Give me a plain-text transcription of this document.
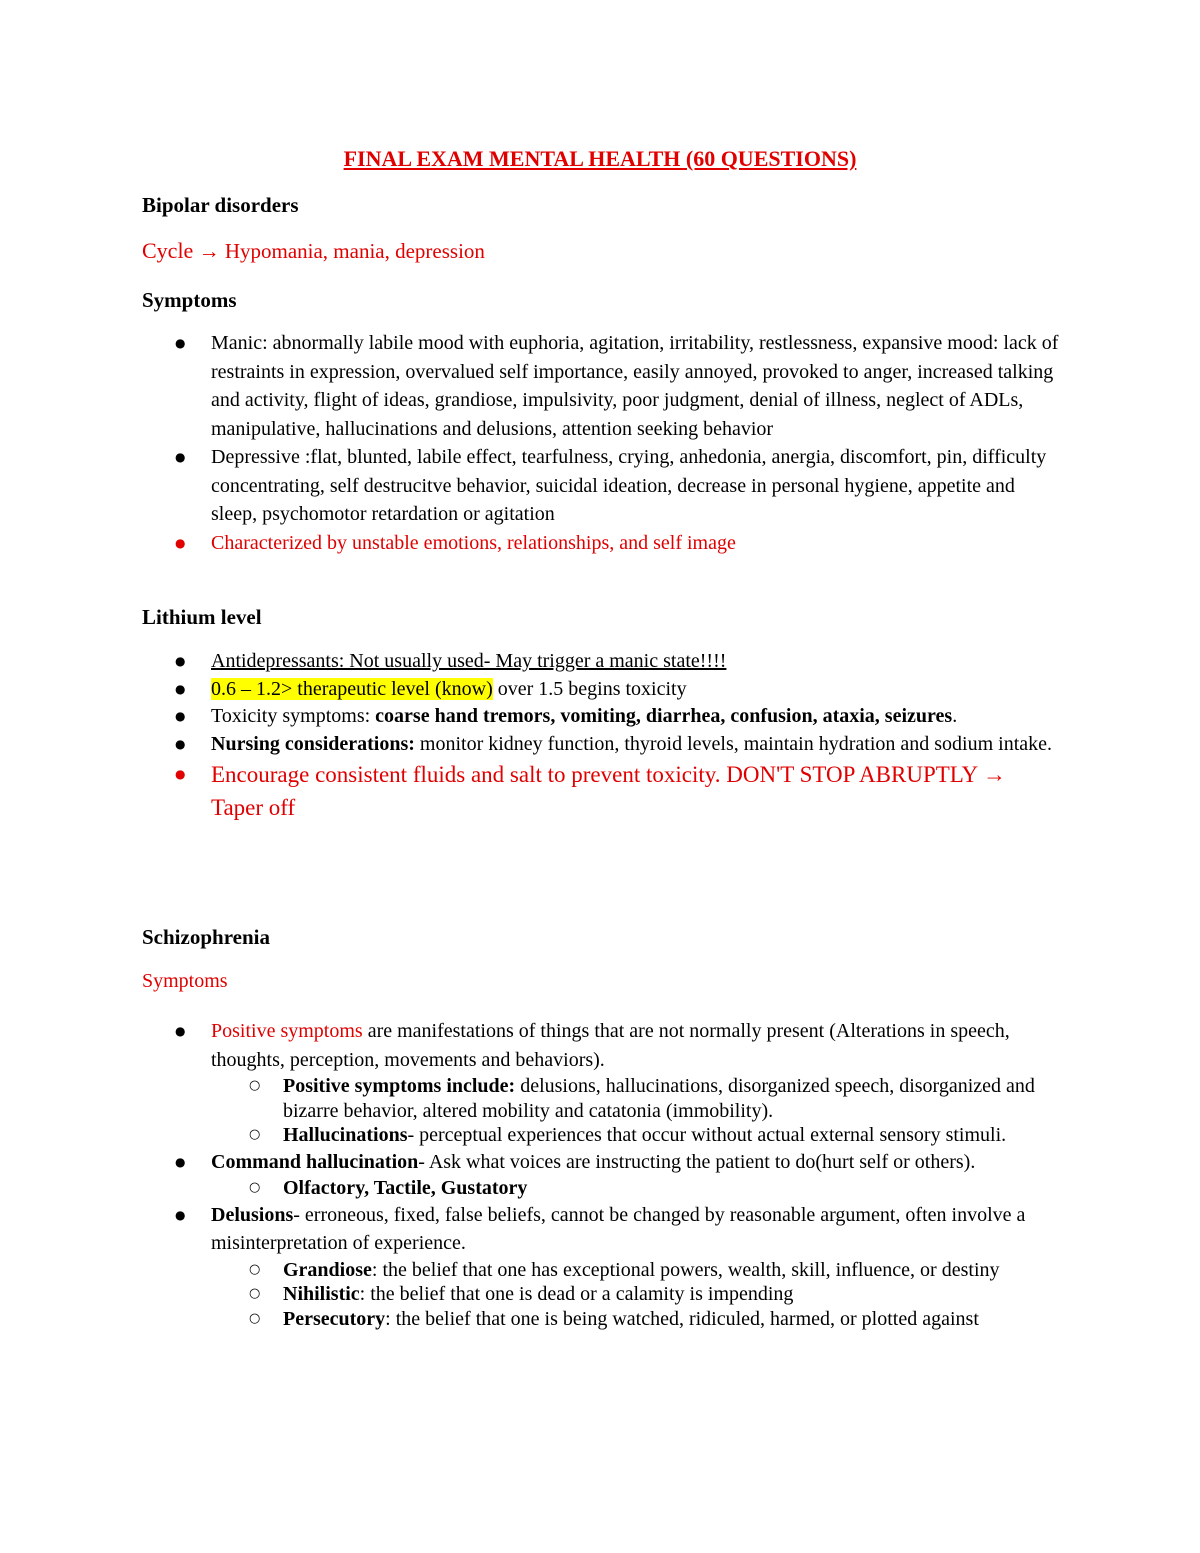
FINAL EXAM MENTAL HEALTH (60 QUESTIONS)

Bipolar disorders

Cycle → Hypomania, mania, depression

Symptoms

● Manic: abnormally labile mood with euphoria, agitation, irritability, restlessness, expansive mood: lack of restraints in expression, overvalued self importance, easily annoyed, provoked to anger, increased talking and activity, flight of ideas, grandiose, impulsivity, poor judgment, denial of illness, neglect of ADLs, manipulative, hallucinations and delusions, attention seeking behavior
● Depressive :flat, blunted, labile effect, tearfulness, crying, anhedonia, anergia, discomfort, pin, difficulty concentrating, self destrucitve behavior, suicidal ideation, decrease in personal hygiene, appetite and sleep, psychomotor retardation or agitation
● Characterized by unstable emotions, relationships, and self image

Lithium level

● Antidepressants: Not usually used- May trigger a manic state!!!!
● 0.6 – 1.2> therapeutic level (know) over 1.5 begins toxicity
● Toxicity symptoms: coarse hand tremors, vomiting, diarrhea, confusion, ataxia, seizures.
● Nursing considerations: monitor kidney function, thyroid levels, maintain hydration and sodium intake.
● Encourage consistent fluids and salt to prevent toxicity. DON'T STOP ABRUPTLY → Taper off

Schizophrenia

Symptoms

● Positive symptoms are manifestations of things that are not normally present (Alterations in speech, thoughts, perception, movements and behaviors).
○ Positive symptoms include: delusions, hallucinations, disorganized speech, disorganized and bizarre behavior, altered mobility and catatonia (immobility).
○ Hallucinations- perceptual experiences that occur without actual external sensory stimuli.
● Command hallucination- Ask what voices are instructing the patient to do(hurt self or others).
○ Olfactory, Tactile, Gustatory
● Delusions- erroneous, fixed, false beliefs, cannot be changed by reasonable argument, often involve a misinterpretation of experience.
○ Grandiose: the belief that one has exceptional powers, wealth, skill, influence, or destiny
○ Nihilistic: the belief that one is dead or a calamity is impending
○ Persecutory: the belief that one is being watched, ridiculed, harmed, or plotted against
